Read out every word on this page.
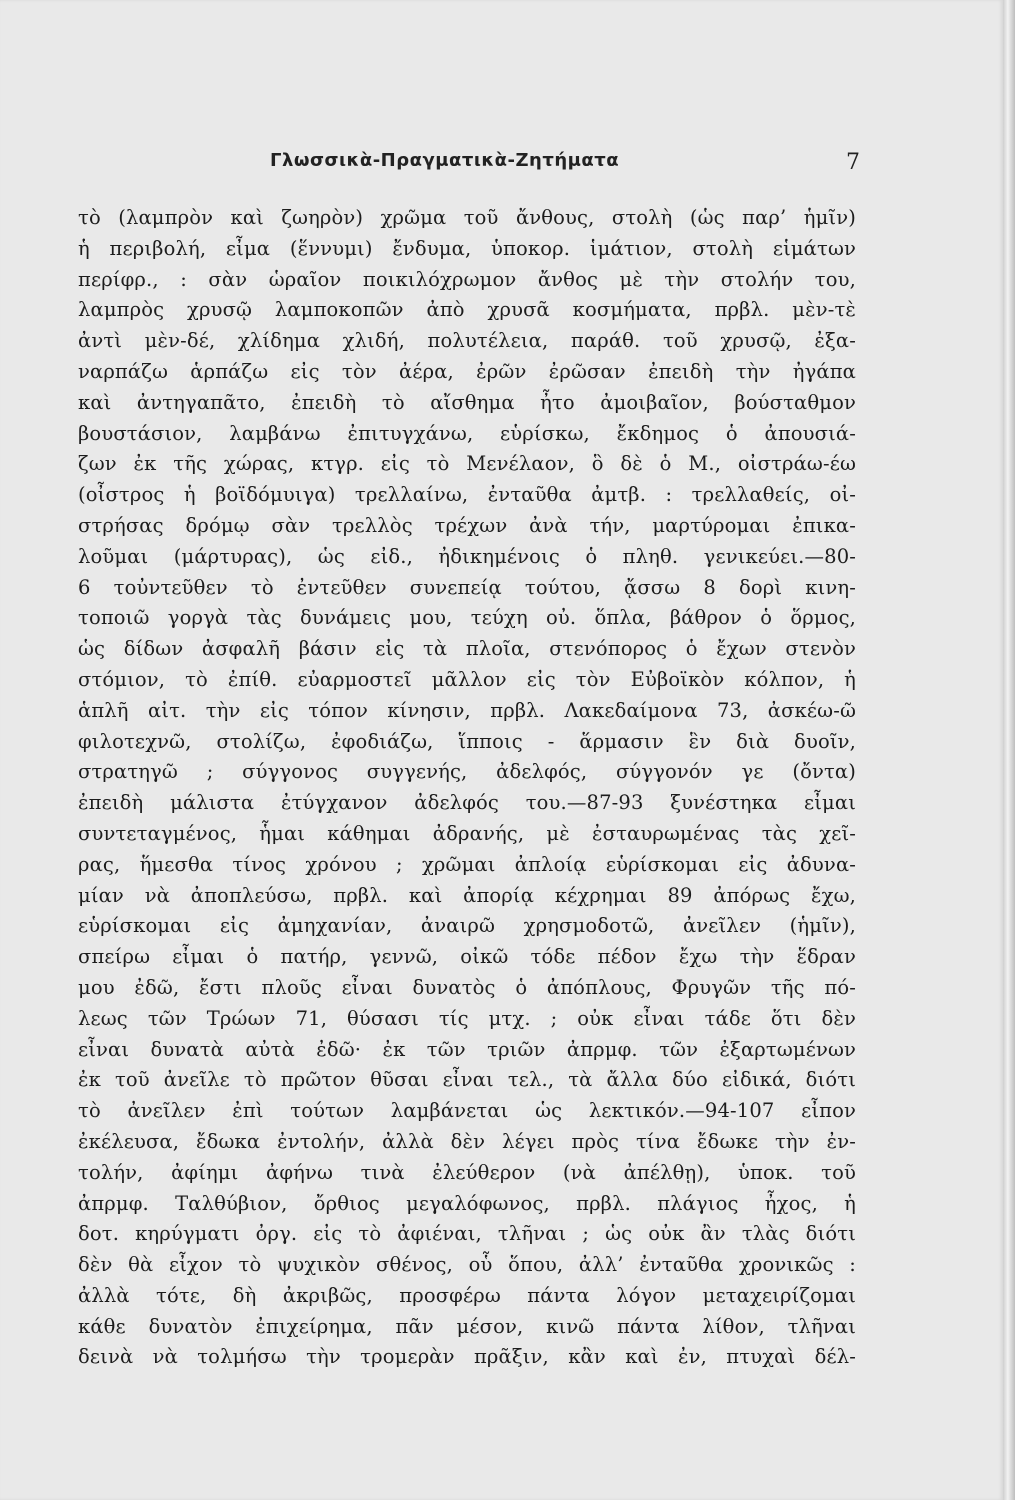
Γλωσσικὰ-Πραγματικὰ-Ζητήματα	7
τὸ (λαμπρὸν καὶ ζωηρὸν) χρῶμα τοῦ ἄνθους, στολὴ (ὡς παρ’ ἡμῖν)
ἡ περιβολή, εἶμα (ἕννυμι) ἔνδυμα, ὑποκορ. ἱμάτιον, στολὴ εἱμάτων
περίφρ., : σὰν ὡραῖον ποικιλόχρωμον ἄνθος μὲ τὴν στολήν του,
λαμπρὸς χρυσῷ λαμποκοπῶν ἀπὸ χρυσᾶ κοσμήματα, πρβλ. μὲν-τὲ
ἀντὶ μὲν-δέ, χλίδημα χλιδή, πολυτέλεια, παράθ. τοῦ χρυσῷ, ἐξα-
ναρπάζω ἁρπάζω εἰς τὸν ἀέρα, ἐρῶν ἐρῶσαν ἐπειδὴ τὴν ἠγάπα
καὶ ἀντηγαπᾶτο, ἐπειδὴ τὸ αἴσθημα ἦτο ἀμοιβαῖον, βούσταθμον
βουστάσιον, λαμβάνω ἐπιτυγχάνω, εὑρίσκω, ἔκδημος ὁ ἀπουσιά-
ζων ἐκ τῆς χώρας, κτγρ. εἰς τὸ Μενέλαον, ὃ δὲ ὁ Μ., οἰστράω-έω
(οἶστρος ἡ βοϊδόμυιγα) τρελλαίνω, ἐνταῦθα ἀμτβ. : τρελλαθείς, οἰ-
στρήσας δρόμῳ σὰν τρελλὸς τρέχων ἀνὰ τήν, μαρτύρομαι ἐπικα-
λοῦμαι (μάρτυρας), ὡς εἰδ., ἠδικημένοις ὁ πληθ. γενικεύει.—80-
6 τοὐντεῦθεν τὸ ἐντεῦθεν συνεπείᾳ τούτου, ᾄσσω 8 δορὶ κινη-
τοποιῶ γοργὰ τὰς δυνάμεις μου, τεύχη οὐ. ὅπλα, βάθρον ὁ ὅρμος,
ὡς δίδων ἀσφαλῆ βάσιν εἰς τὰ πλοῖα, στενόπορος ὁ ἔχων στενὸν
στόμιον, τὸ ἐπίθ. εὐαρμοστεῖ μᾶλλον εἰς τὸν Εὐβοϊκὸν κόλπον, ἡ
ἁπλῆ αἰτ. τὴν εἰς τόπον κίνησιν, πρβλ. Λακεδαίμονα 73, ἀσκέω-ῶ
φιλοτεχνῶ, στολίζω, ἐφοδιάζω, ἵπποις - ἅρμασιν ἓν διὰ δυοῖν,
στρατηγῶ ; σύγγονος συγγενής, ἀδελφός, σύγγονόν γε (ὄντα)
ἐπειδὴ μάλιστα ἐτύγχανον ἀδελφός του.—87-93 ξυνέστηκα εἶμαι
συντεταγμένος, ἧμαι κάθημαι ἀδρανής, μὲ ἐσταυρωμένας τὰς χεῖ-
ρας, ἥμεσθα τίνος χρόνου ; χρῶμαι ἀπλοίᾳ εὑρίσκομαι εἰς ἀδυνα-
μίαν νὰ ἀποπλεύσω, πρβλ. καὶ ἀπορίᾳ κέχρημαι 89 ἀπόρως ἔχω,
εὑρίσκομαι εἰς ἀμηχανίαν, ἀναιρῶ χρησμοδοτῶ, ἀνεῖλεν (ἡμῖν),
σπείρω εἶμαι ὁ πατήρ, γεννῶ, οἰκῶ τόδε πέδον ἔχω τὴν ἕδραν
μου ἐδῶ, ἔστι πλοῦς εἶναι δυνατὸς ὁ ἀπόπλους, Φρυγῶν τῆς πό-
λεως τῶν Τρώων 71, θύσασι τίς μτχ. ; οὐκ εἶναι τάδε ὅτι δὲν
εἶναι δυνατὰ αὐτὰ ἐδῶ· ἐκ τῶν τριῶν ἀπρμφ. τῶν ἐξαρτωμένων
ἐκ τοῦ ἀνεῖλε τὸ πρῶτον θῦσαι εἶναι τελ., τὰ ἄλλα δύο εἰδικά, διότι
τὸ ἀνεῖλεν ἐπὶ τούτων λαμβάνεται ὡς λεκτικόν.—94-107 εἶπον
ἐκέλευσα, ἔδωκα ἐντολήν, ἀλλὰ δὲν λέγει πρὸς τίνα ἔδωκε τὴν ἐν-
τολήν, ἀφίημι ἀφήνω τινὰ ἐλεύθερον (νὰ ἀπέλθῃ), ὑποκ. τοῦ
ἀπρμφ. Ταλθύβιον, ὄρθιος μεγαλόφωνος, πρβλ. πλάγιος ἦχος, ἡ
δοτ. κηρύγματι ὀργ. εἰς τὸ ἀφιέναι, τλῆναι ; ὡς οὐκ ἂν τλὰς διότι
δὲν θὰ εἶχον τὸ ψυχικὸν σθένος, οὗ ὅπου, ἀλλ’ ἐνταῦθα χρονικῶς :
ἀλλὰ τότε, δὴ ἀκριβῶς, προσφέρω πάντα λόγον μεταχειρίζομαι
κάθε δυνατὸν ἐπιχείρημα, πᾶν μέσον, κινῶ πάντα λίθον, τλῆναι
δεινὰ νὰ τολμήσω τὴν τρομερὰν πρᾶξιν, κἂν καὶ ἐν, πτυχαὶ δέλ-
